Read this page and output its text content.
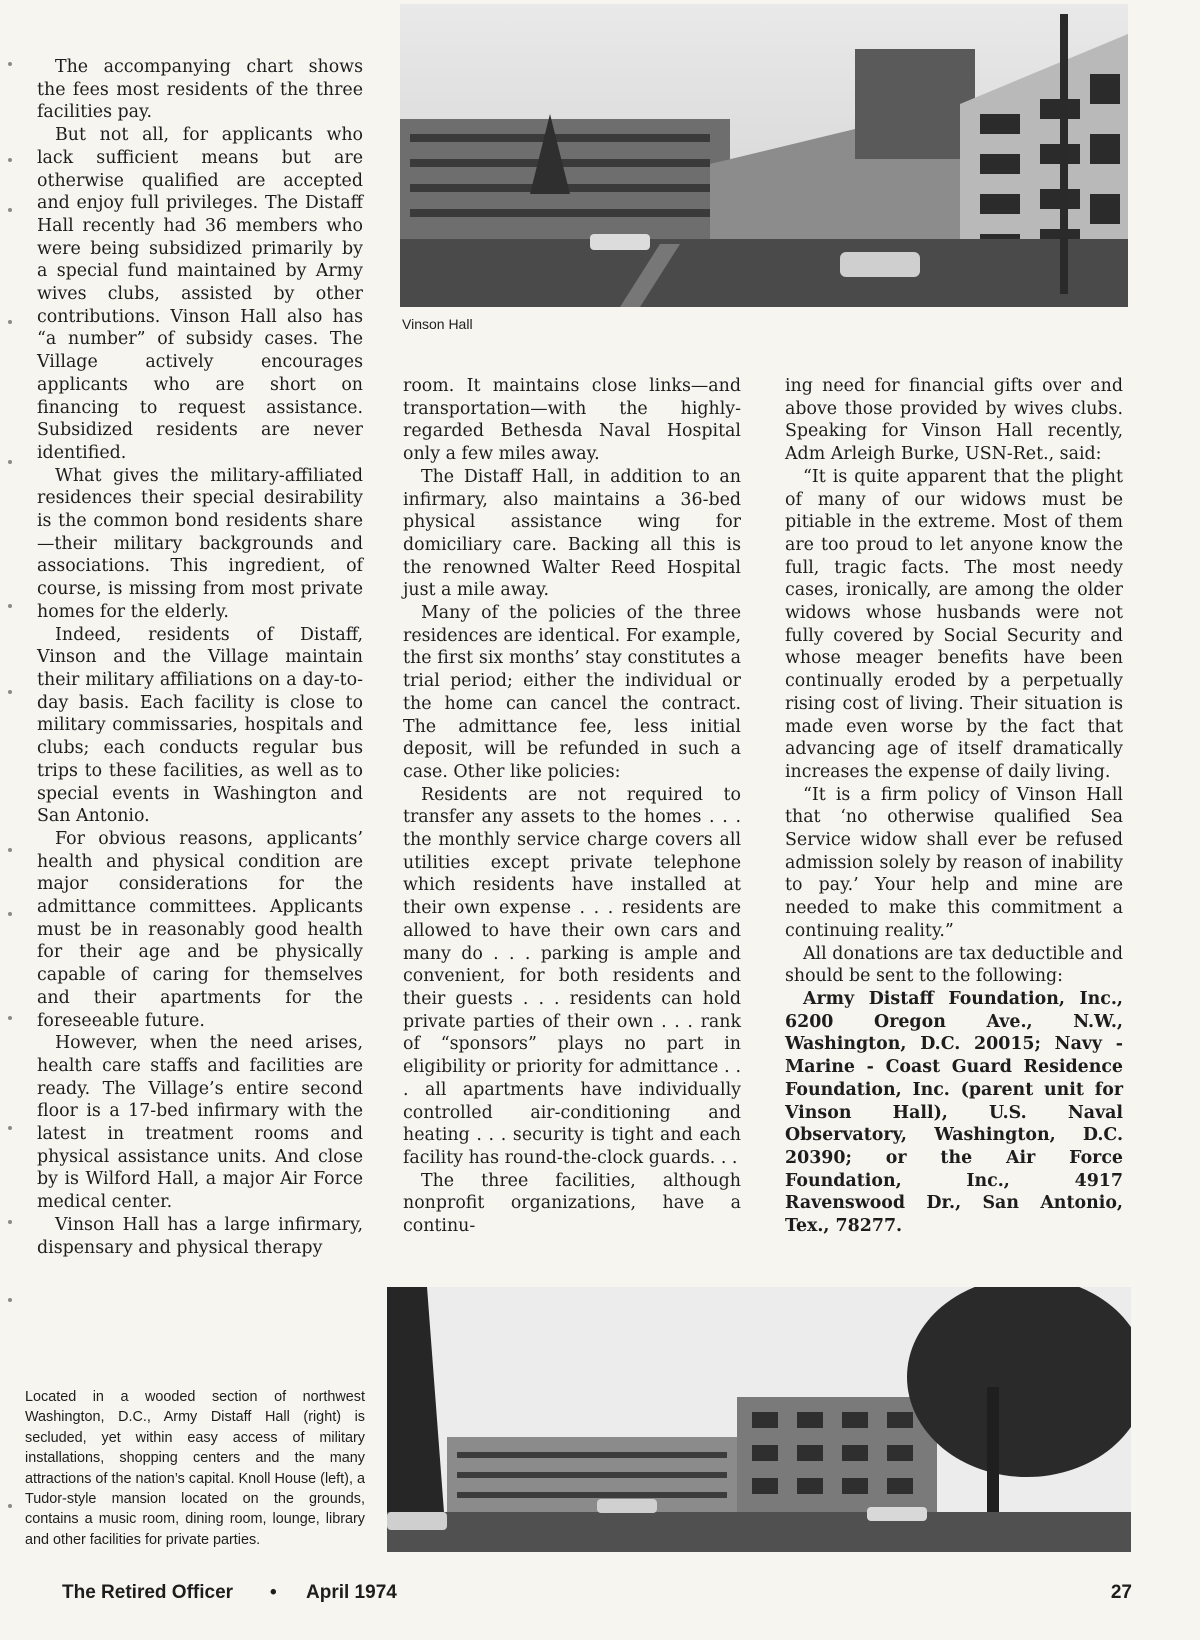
Vinson Hall

The accompanying chart shows the fees most residents of the three facilities pay.

But not all, for applicants who lack sufficient means but are otherwise qualified are accepted and enjoy full privileges. The Distaff Hall recently had 36 members who were being subsidized primarily by a special fund maintained by Army wives clubs, assisted by other contributions. Vinson Hall also has “a number” of subsidy cases. The Village actively encourages applicants who are short on financing to request assistance. Subsidized residents are never identified.

What gives the military-affiliated residences their special desirability is the common bond residents share —their military backgrounds and associations. This ingredient, of course, is missing from most private homes for the elderly.

Indeed, residents of Distaff, Vinson and the Village maintain their military affiliations on a day-to-day basis. Each facility is close to military commissaries, hospitals and clubs; each conducts regular bus trips to these facilities, as well as to special events in Washington and San Antonio.

For obvious reasons, applicants’ health and physical condition are major considerations for the admittance committees. Applicants must be in reasonably good health for their age and be physically capable of caring for themselves and their apartments for the foreseeable future.

However, when the need arises, health care staffs and facilities are ready. The Village’s entire second floor is a 17-bed infirmary with the latest in treatment rooms and physical assistance units. And close by is Wilford Hall, a major Air Force medical center.

Vinson Hall has a large infirmary, dispensary and physical therapy

room. It maintains close links—and transportation—with the highly-regarded Bethesda Naval Hospital only a few miles away.

The Distaff Hall, in addition to an infirmary, also maintains a 36-bed physical assistance wing for domiciliary care. Backing all this is the renowned Walter Reed Hospital just a mile away.

Many of the policies of the three residences are identical. For example, the first six months’ stay constitutes a trial period; either the individual or the home can cancel the contract. The admittance fee, less initial deposit, will be refunded in such a case. Other like policies:

Residents are not required to transfer any assets to the homes . . . the monthly service charge covers all utilities except private telephone which residents have installed at their own expense . . . residents are allowed to have their own cars and many do . . . parking is ample and convenient, for both residents and their guests . . . residents can hold private parties of their own . . . rank of “sponsors” plays no part in eligibility or priority for admittance . . . all apartments have individually controlled air-conditioning and heating . . . security is tight and each facility has round-the-clock guards. . .

The three facilities, although nonprofit organizations, have a continu-

ing need for financial gifts over and above those provided by wives clubs. Speaking for Vinson Hall recently, Adm Arleigh Burke, USN-Ret., said:

“It is quite apparent that the plight of many of our widows must be pitiable in the extreme. Most of them are too proud to let anyone know the full, tragic facts. The most needy cases, ironically, are among the older widows whose husbands were not fully covered by Social Security and whose meager benefits have been continually eroded by a perpetually rising cost of living. Their situation is made even worse by the fact that advancing age of itself dramatically increases the expense of daily living.

“It is a firm policy of Vinson Hall that ‘no otherwise qualified Sea Service widow shall ever be refused admission solely by reason of inability to pay.’ Your help and mine are needed to make this commitment a continuing reality.”

All donations are tax deductible and should be sent to the following:

Army Distaff Foundation, Inc., 6200 Oregon Ave., N.W., Washington, D.C. 20015; Navy - Marine - Coast Guard Residence Foundation, Inc. (parent unit for Vinson Hall), U.S. Naval Observatory, Washington, D.C. 20390; or the Air Force Foundation, Inc., 4917 Ravenswood Dr., San Antonio, Tex., 78277.

Located in a wooded section of northwest Washington, D.C., Army Distaff Hall (right) is secluded, yet within easy access of military installations, shopping centers and the many attractions of the nation’s capital. Knoll House (left), a Tudor-style mansion located on the grounds, contains a music room, dining room, lounge, library and other facilities for private parties.
The Retired Officer • April 1974	27
